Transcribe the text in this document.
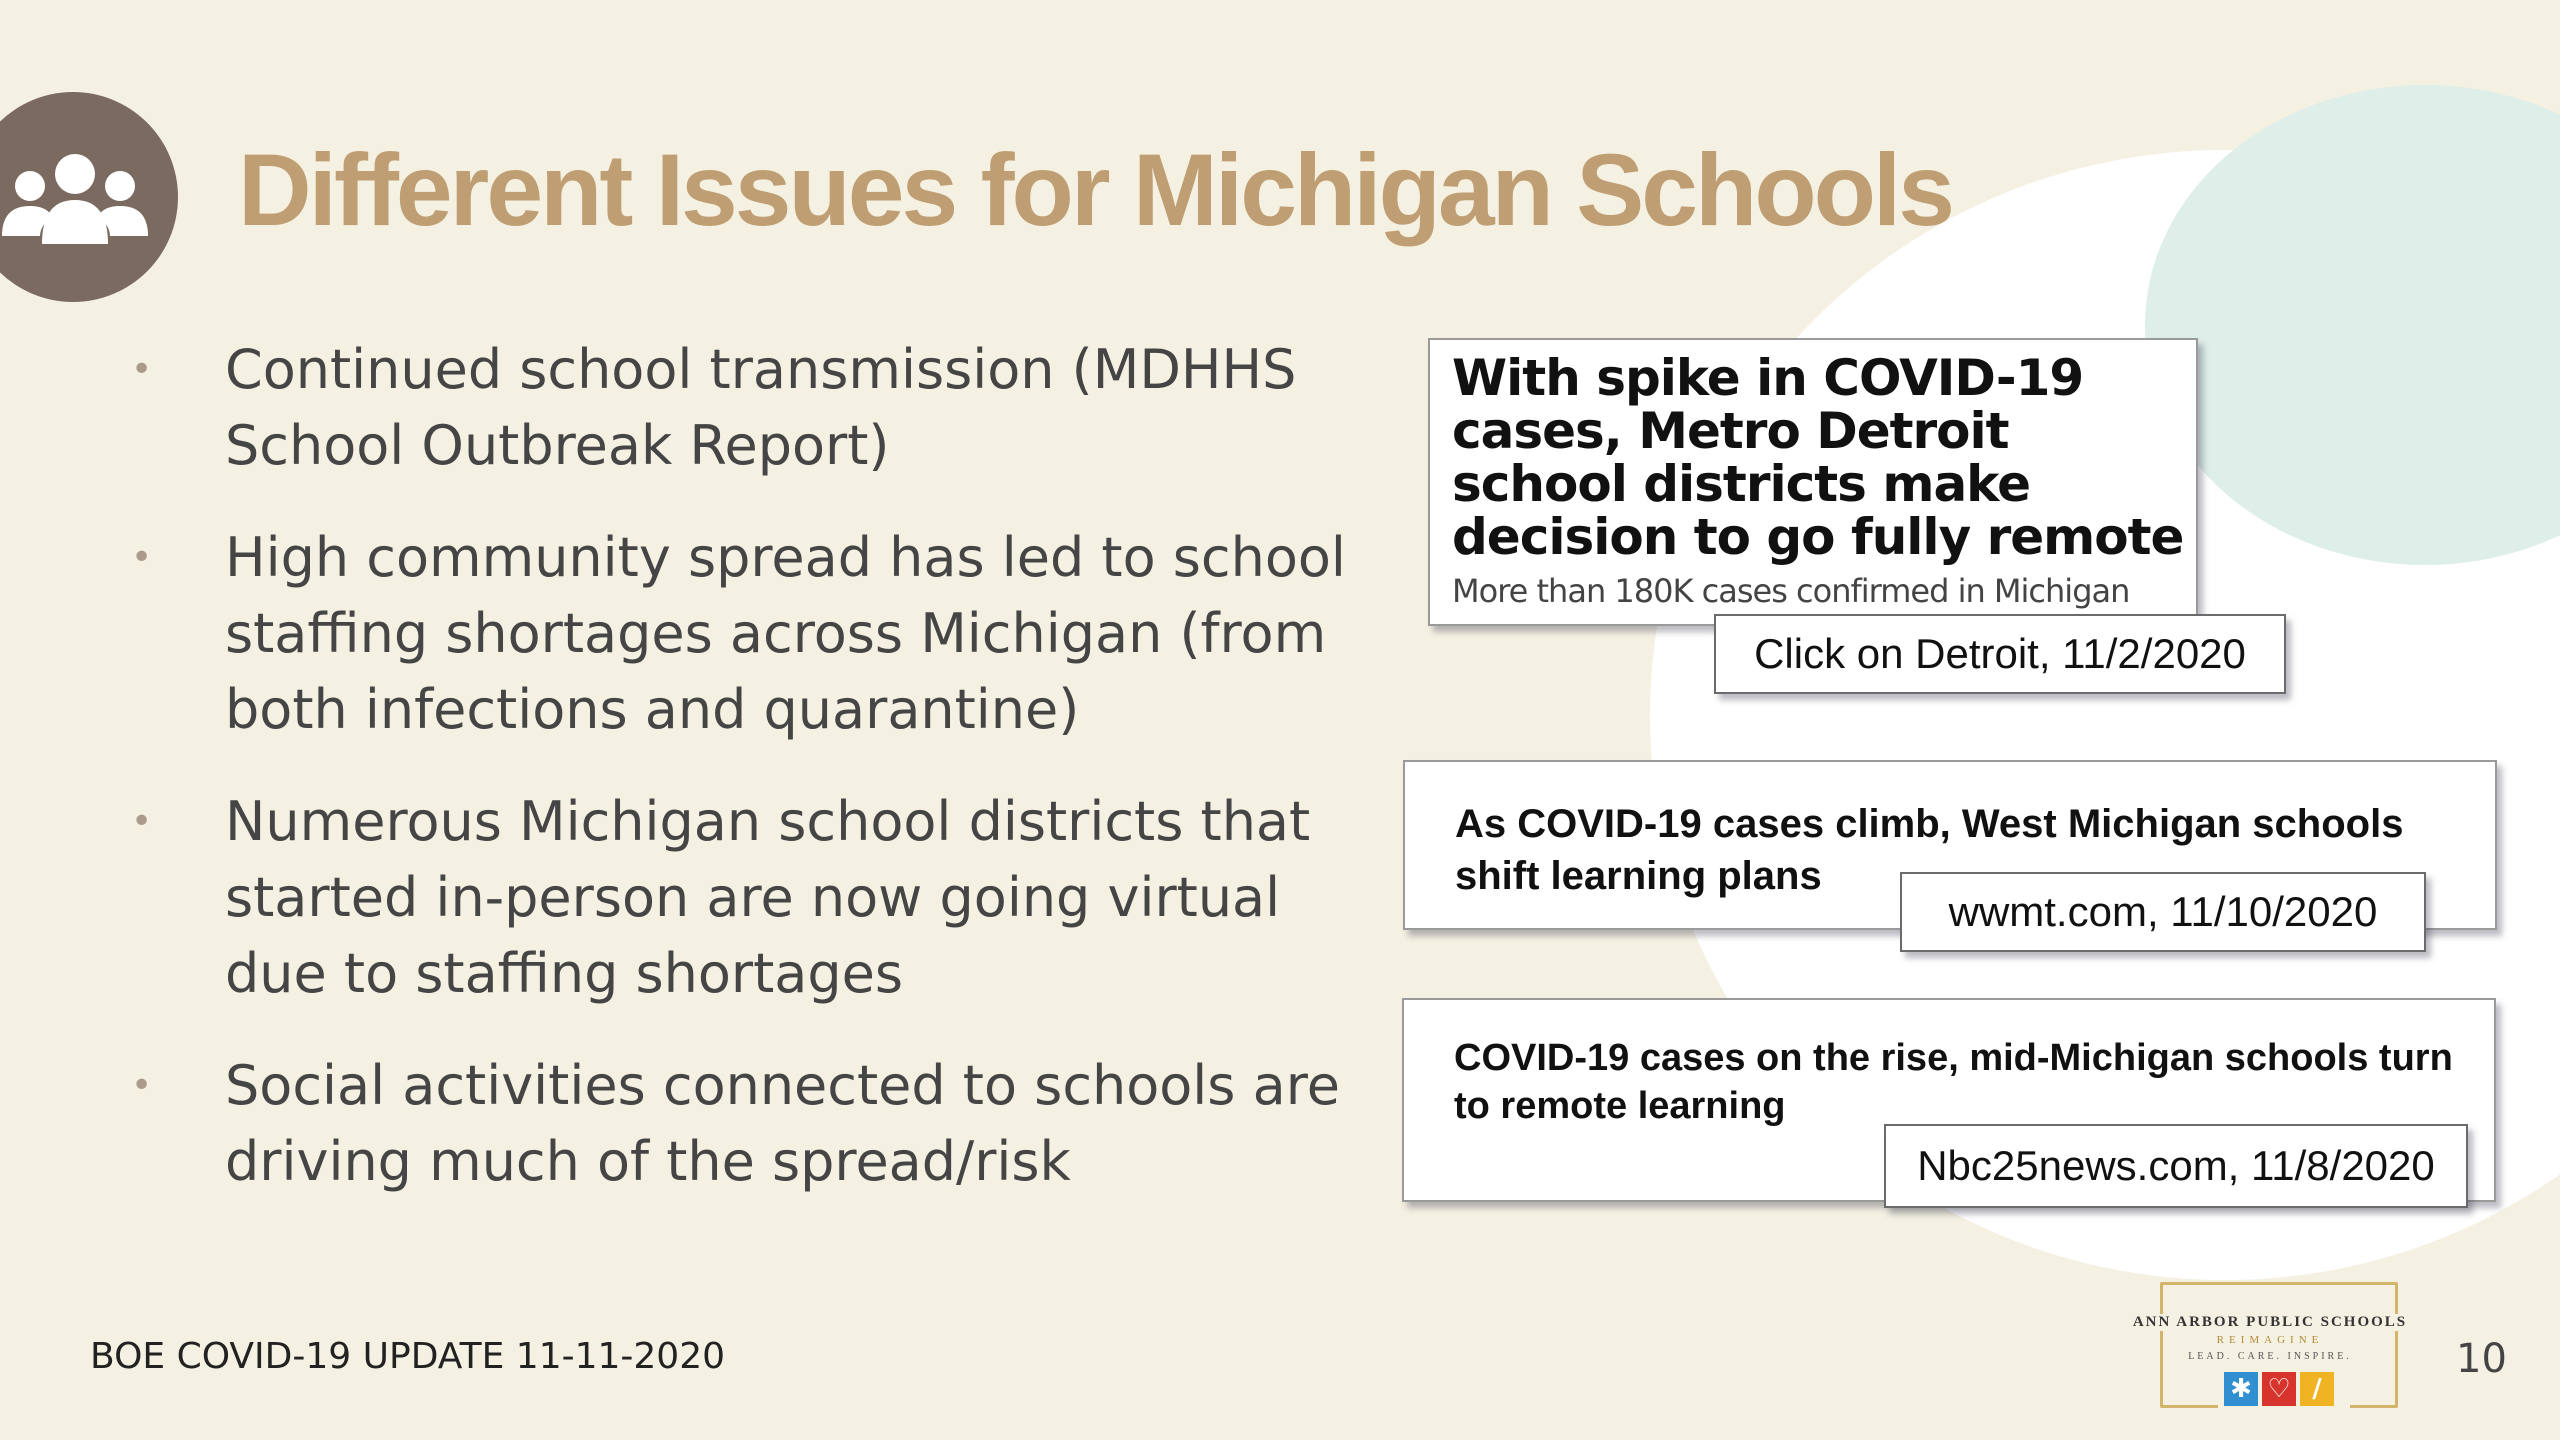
Different Issues for Michigan Schools
• Continued school transmission (MDHHS School Outbreak Report)
• High community spread has led to school staffing shortages across Michigan (from both infections and quarantine)
• Numerous Michigan school districts that started in-person are now going virtual due to staffing shortages
• Social activities connected to schools are driving much of the spread/risk
With spike in COVID-19 cases, Metro Detroit school districts make decision to go fully remote
More than 180K cases confirmed in Michigan
Click on Detroit, 11/2/2020
As COVID-19 cases climb, West Michigan schools shift learning plans
wwmt.com, 11/10/2020
COVID-19 cases on the rise, mid-Michigan schools turn to remote learning
Nbc25news.com, 11/8/2020
BOE COVID-19 UPDATE 11-11-2020
ANN ARBOR PUBLIC SCHOOLS
REIMAGINE
LEAD. CARE. INSPIRE.
✱ ♡ /
10
